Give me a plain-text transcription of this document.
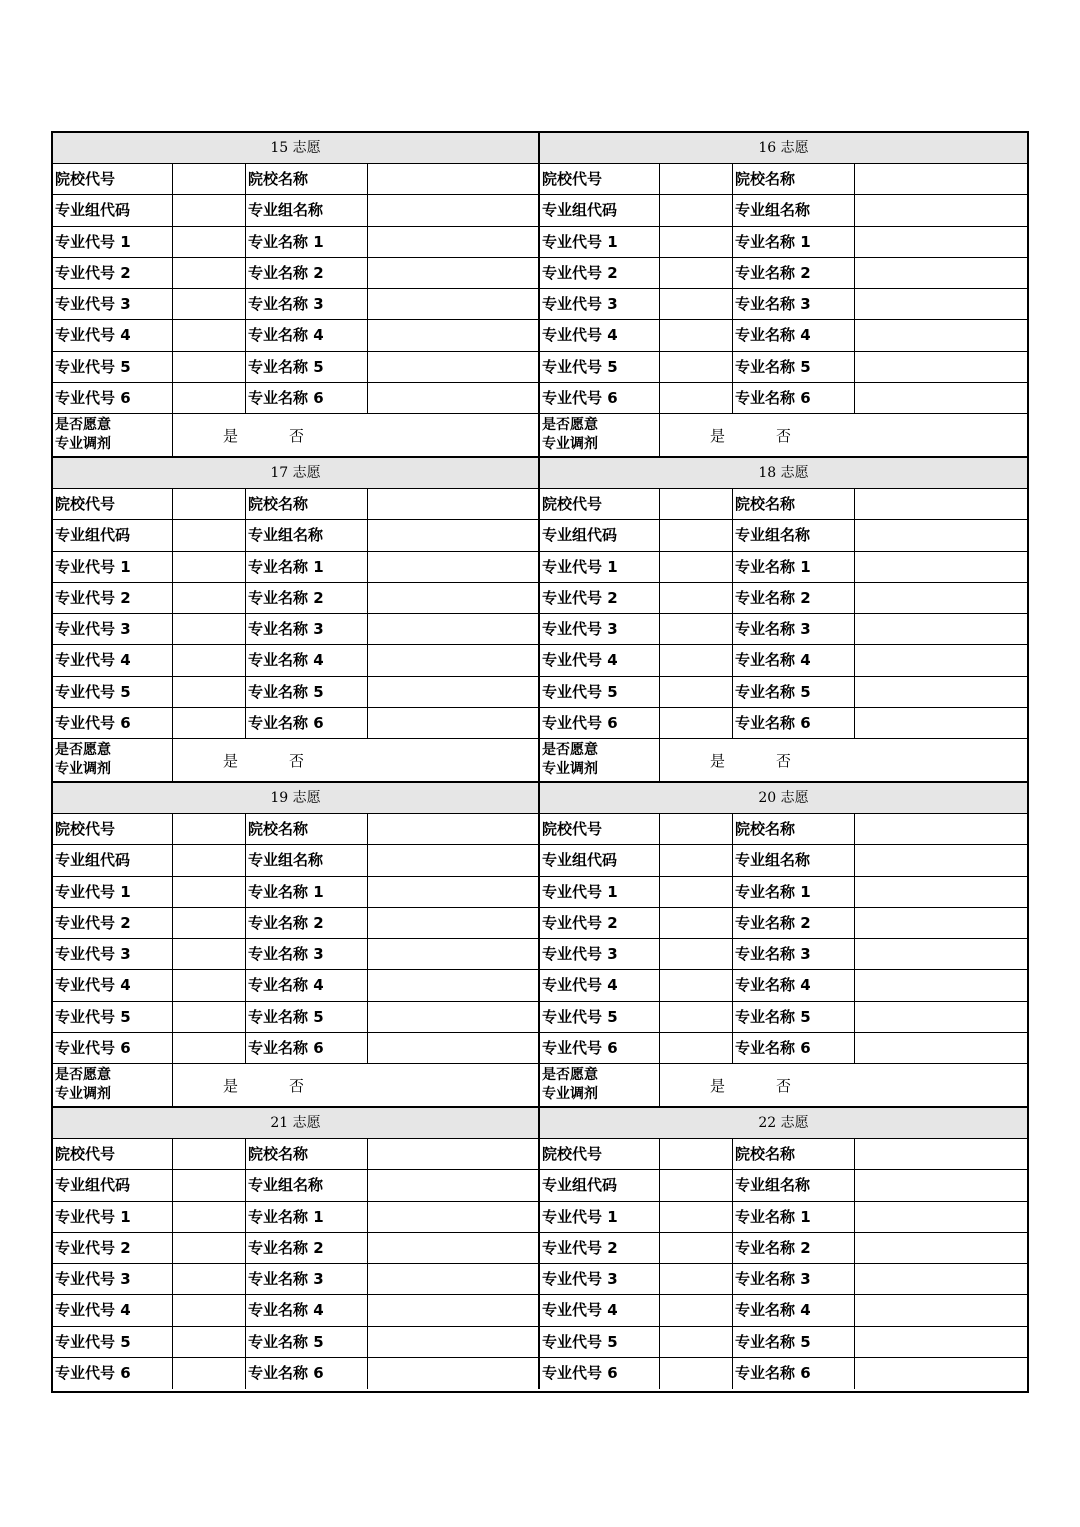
15 志愿
院校代号	院校名称
专业组代码	专业组名称
专业代号 1	专业名称 1
专业代号 2	专业名称 2
专业代号 3	专业名称 3
专业代号 4	专业名称 4
专业代号 5	专业名称 5
专业代号 6	专业名称 6
是否愿意
专业调剂	是	否
16 志愿
院校代号	院校名称
专业组代码	专业组名称
专业代号 1	专业名称 1
专业代号 2	专业名称 2
专业代号 3	专业名称 3
专业代号 4	专业名称 4
专业代号 5	专业名称 5
专业代号 6	专业名称 6
是否愿意
专业调剂	是	否
17 志愿
院校代号	院校名称
专业组代码	专业组名称
专业代号 1	专业名称 1
专业代号 2	专业名称 2
专业代号 3	专业名称 3
专业代号 4	专业名称 4
专业代号 5	专业名称 5
专业代号 6	专业名称 6
是否愿意
专业调剂	是	否
18 志愿
院校代号	院校名称
专业组代码	专业组名称
专业代号 1	专业名称 1
专业代号 2	专业名称 2
专业代号 3	专业名称 3
专业代号 4	专业名称 4
专业代号 5	专业名称 5
专业代号 6	专业名称 6
是否愿意
专业调剂	是	否
19 志愿
院校代号	院校名称
专业组代码	专业组名称
专业代号 1	专业名称 1
专业代号 2	专业名称 2
专业代号 3	专业名称 3
专业代号 4	专业名称 4
专业代号 5	专业名称 5
专业代号 6	专业名称 6
是否愿意
专业调剂	是	否
20 志愿
院校代号	院校名称
专业组代码	专业组名称
专业代号 1	专业名称 1
专业代号 2	专业名称 2
专业代号 3	专业名称 3
专业代号 4	专业名称 4
专业代号 5	专业名称 5
专业代号 6	专业名称 6
是否愿意
专业调剂	是	否
21 志愿
院校代号	院校名称
专业组代码	专业组名称
专业代号 1	专业名称 1
专业代号 2	专业名称 2
专业代号 3	专业名称 3
专业代号 4	专业名称 4
专业代号 5	专业名称 5
专业代号 6	专业名称 6
22 志愿
院校代号	院校名称
专业组代码	专业组名称
专业代号 1	专业名称 1
专业代号 2	专业名称 2
专业代号 3	专业名称 3
专业代号 4	专业名称 4
专业代号 5	专业名称 5
专业代号 6	专业名称 6
